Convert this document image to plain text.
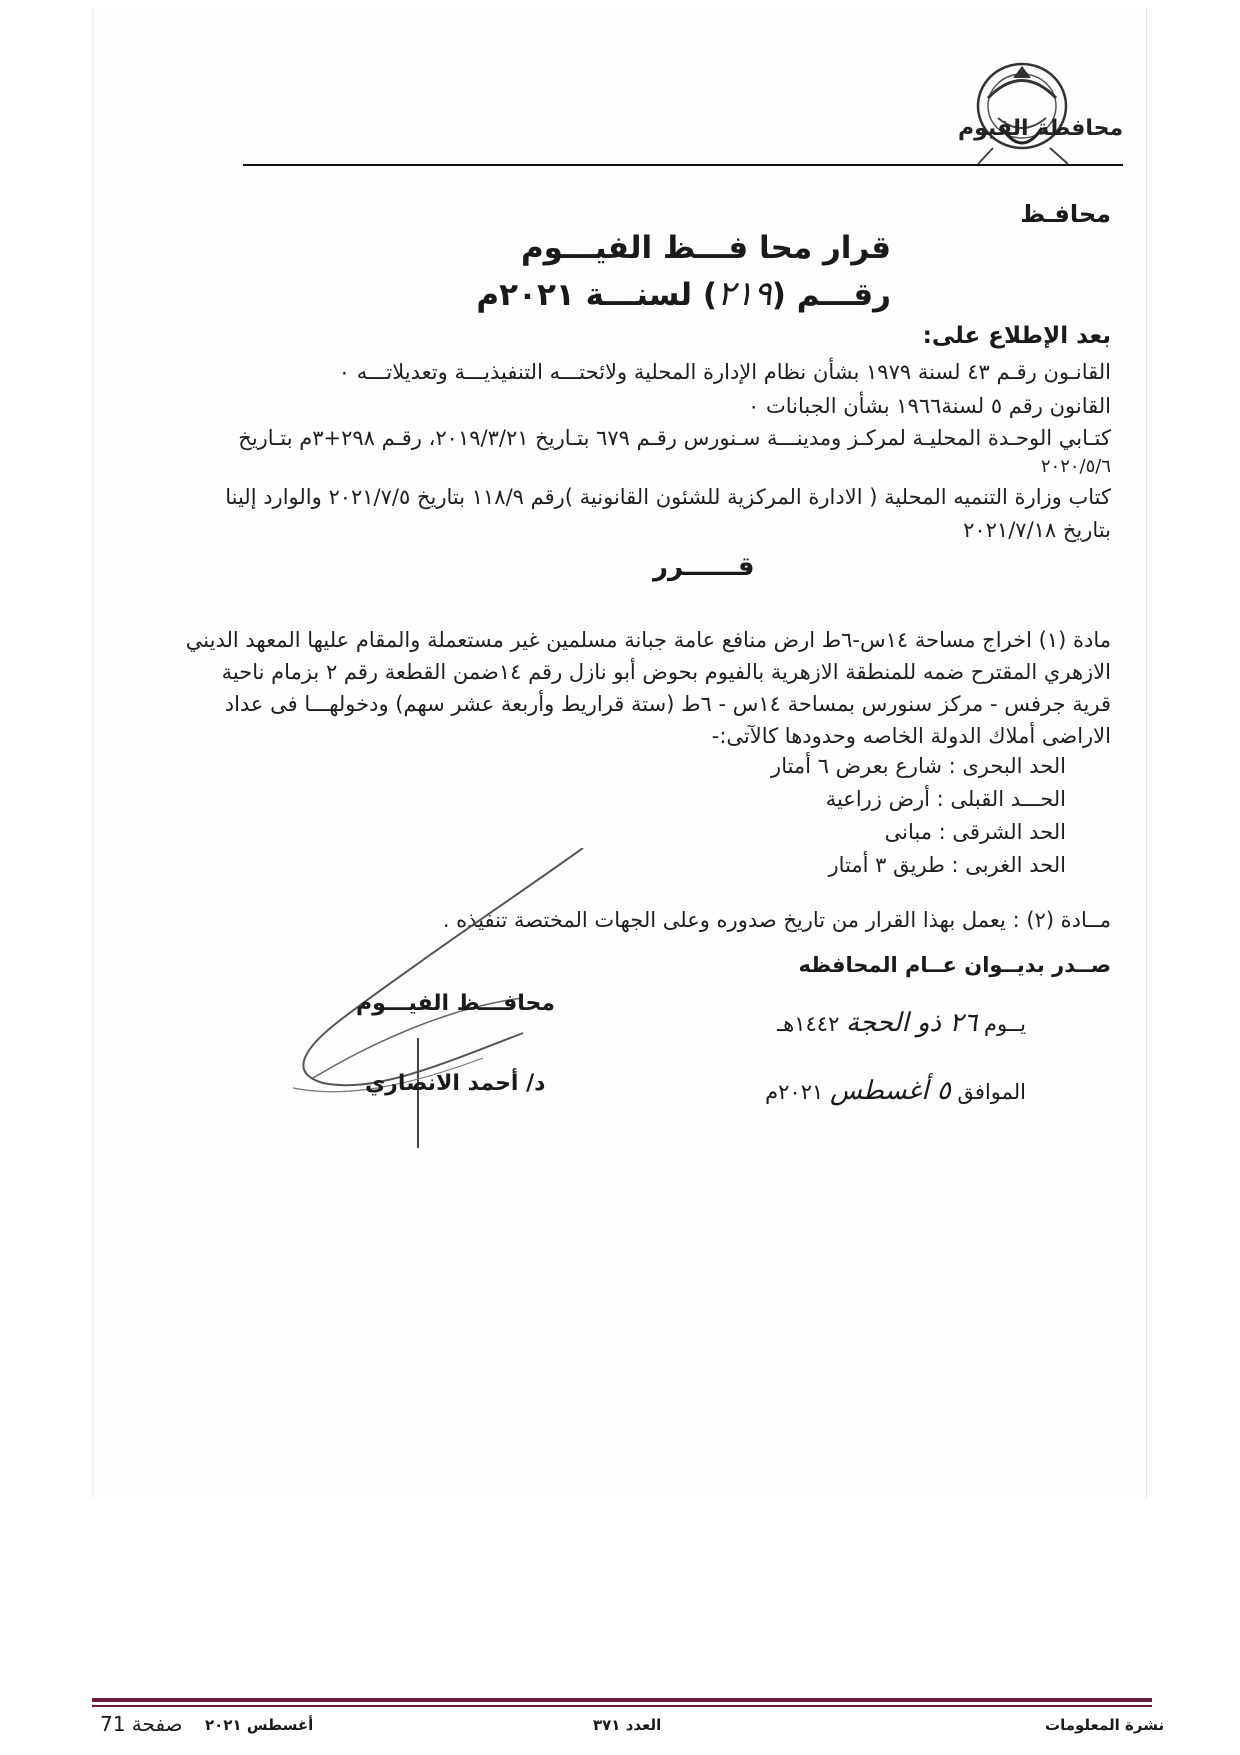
محافظة الفيوم
محافـظ
قرار محا فـــظ الفيـــوم
رقـــم (٢١٩) لسنـــة ٢٠٢١م
بعد الإطلاع على:
القانـون رقـم ٤٣ لسنة ١٩٧٩ بشأن نظام الإدارة المحلية ولائحتـــه التنفيذيـــة وتعديلاتـــه ٠
القانون رقم ٥ لسنة١٩٦٦ بشأن الجبانات ٠
كتـابي الوحـدة المحليـة لمركـز ومدينـــة سـنورس رقـم ٦٧٩ بتـاريخ ٢٠١٩/٣/٢١، رقـم ٢٩٨+٣م بتـاريخ
٢٠٢٠/٥/٦
كتاب وزارة التنميه المحلية ( الادارة المركزية للشئون القانونية )رقم ١١٨/٩ بتاريخ ٢٠٢١/٧/٥ والوارد إلينا
بتاريخ ٢٠٢١/٧/١٨
قــــــرر
مادة (١) اخراج مساحة ١٤س-٦ط ارض منافع عامة جبانة مسلمين غير مستعملة والمقام عليها المعهد الديني
الازهري المقترح ضمه للمنطقة الازهرية بالفيوم بحوض أبو نازل رقم ١٤ضمن القطعة رقم ٢ بزمام ناحية
قرية جرفس - مركز سنورس بمساحة ١٤س - ٦ط (ستة قراريط وأربعة عشر سهم) ودخولهـــا فى عداد
الاراضى أملاك الدولة الخاصه وحدودها كالآتى:-
الحد البحرى : شارع بعرض ٦ أمتار
الحـــد القبلى : أرض زراعية
الحد الشرقى : مبانى
الحد الغربى : طريق ٣ أمتار
مــادة (٢) : يعمل بهذا القرار من تاريخ صدوره وعلى الجهات المختصة تنفيذه .
صــدر بديــوان عــام المحافظه
يــوم ٢٦ ذو الحجة ١٤٤٢هـ
الموافق ٥ أغسطس ٢٠٢١م
محافـــظ الفيـــوم
د/ أحمد الانصاري
نشرة المعلومات
العدد ٣٧١
أغسطس ٢٠٢١
صفحة 71
